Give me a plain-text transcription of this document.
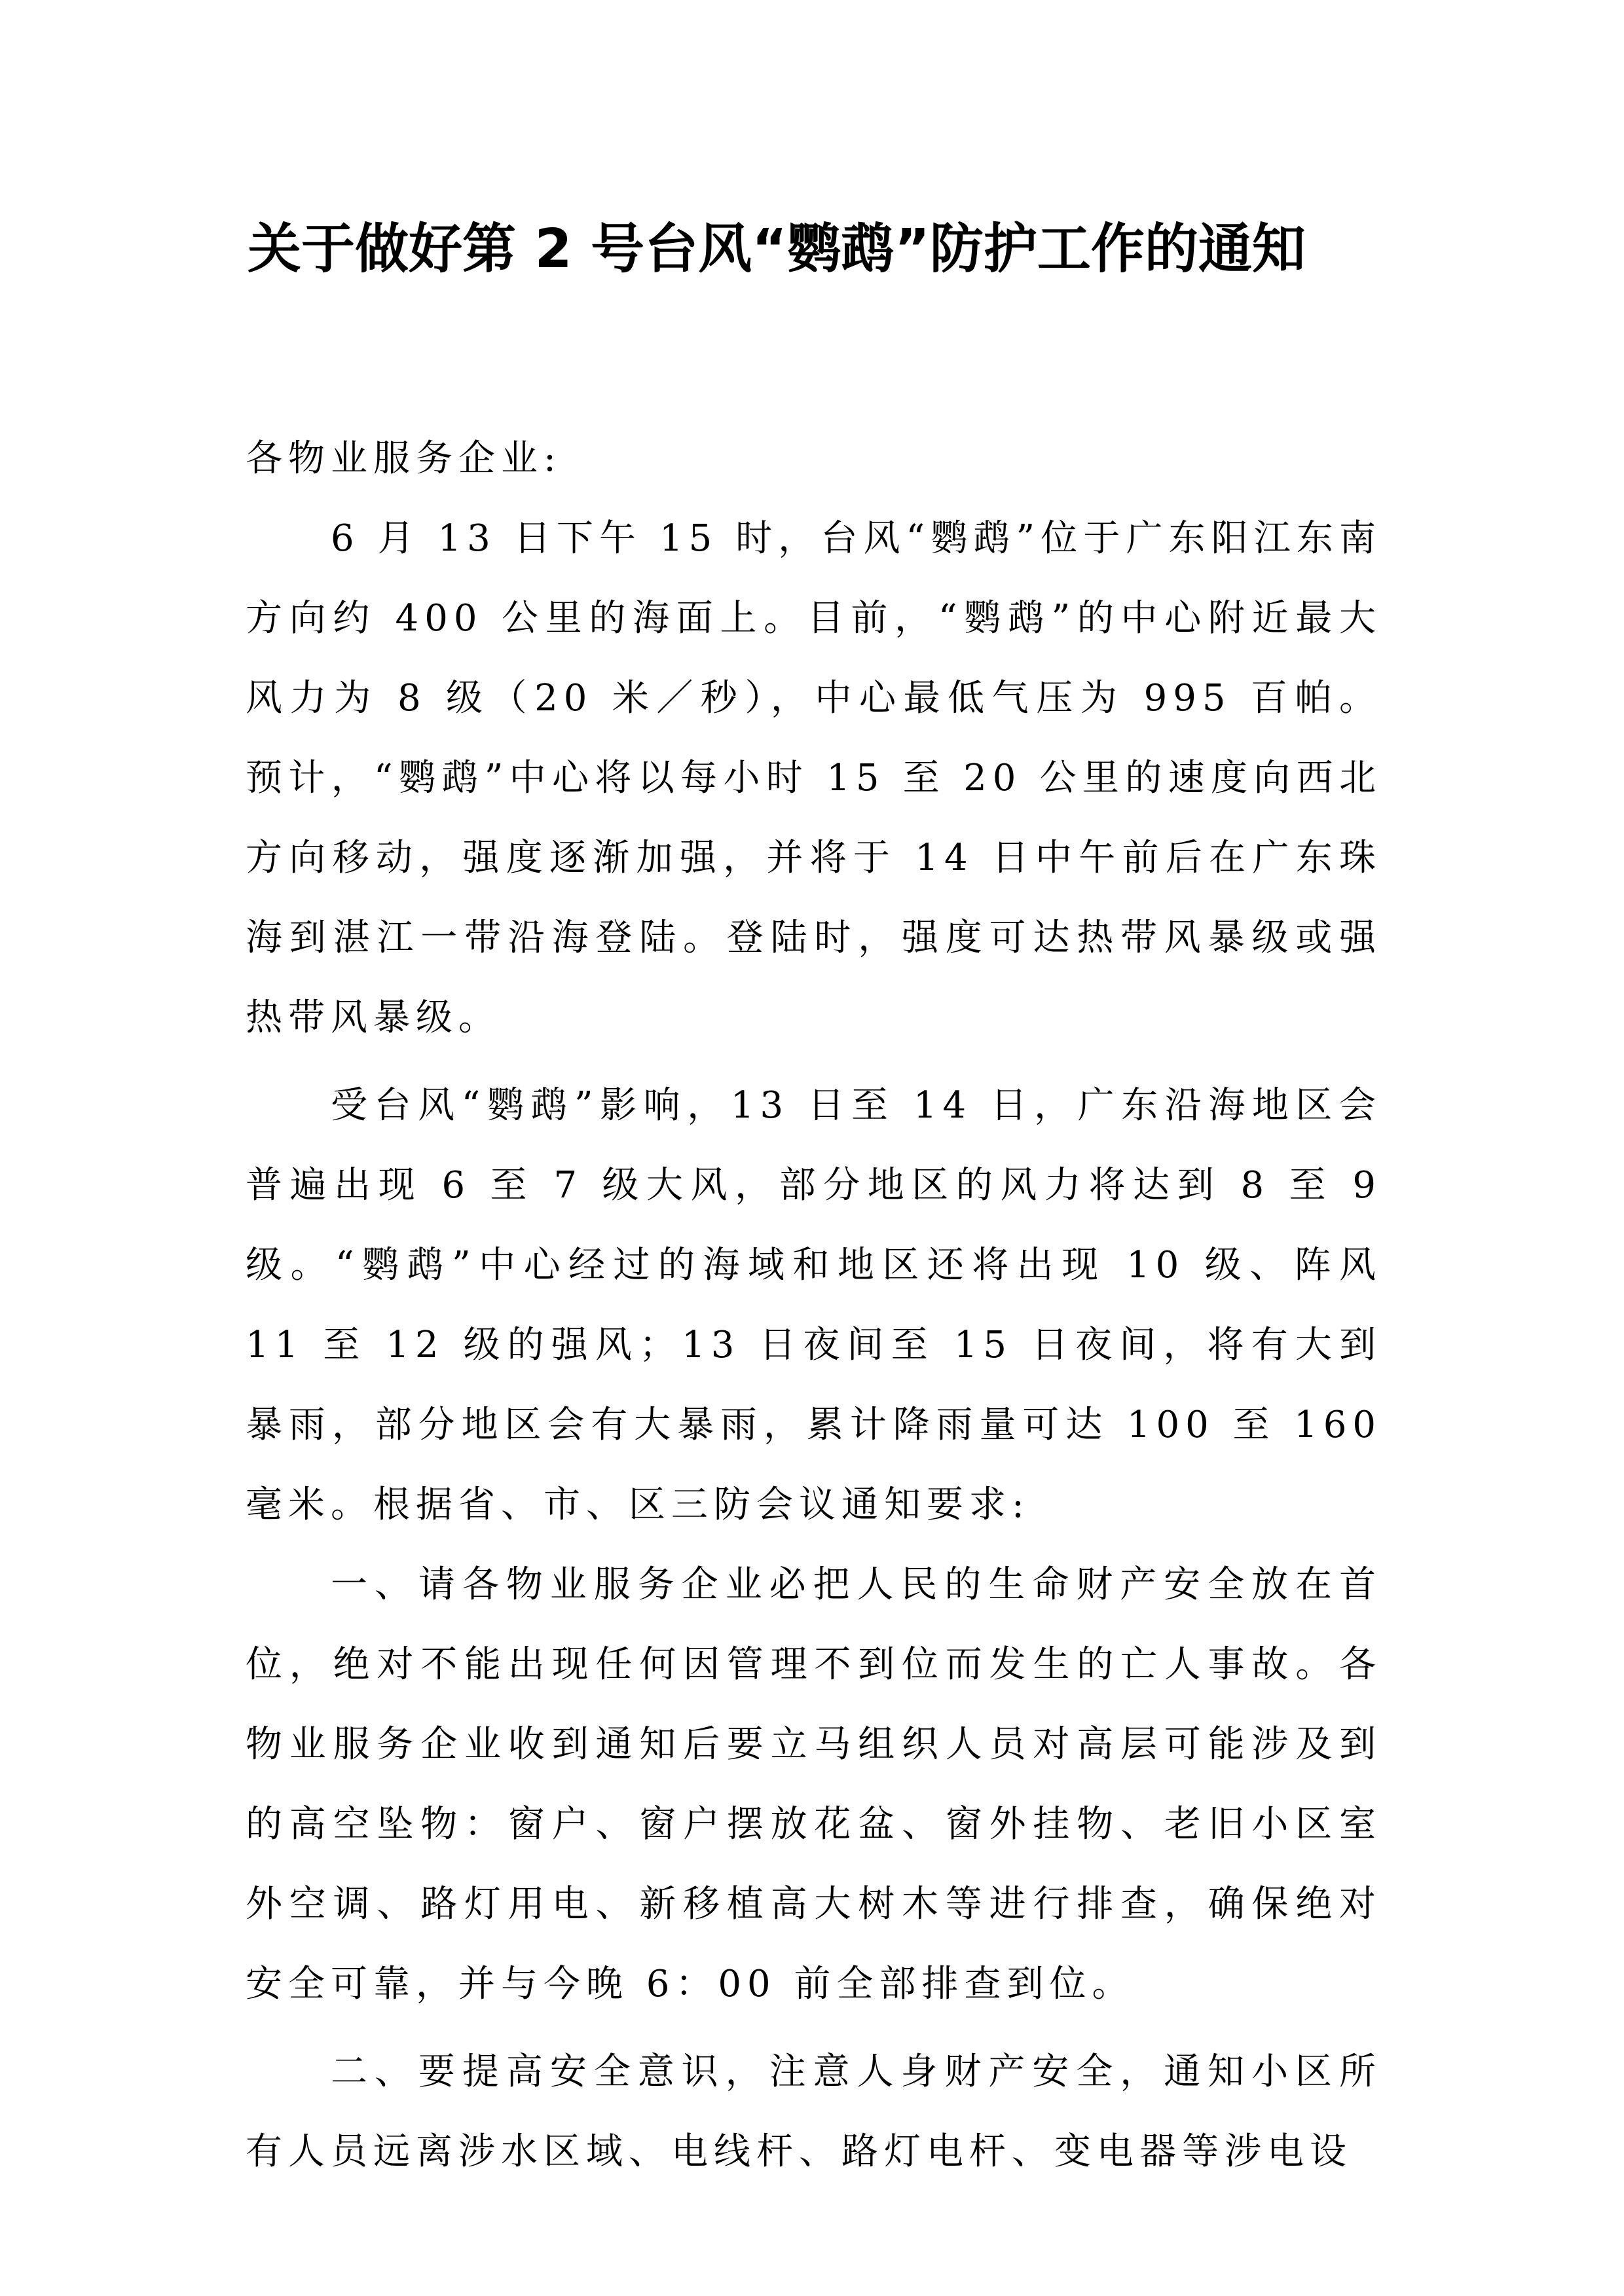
关于做好第 2 号台风“鹦鹉”防护工作的通知

各物业服务企业:

6 月 13 日下午 15 时，台风“鹦鹉”位于广东阳江东南方向约 400 公里的海面上。目前，“鹦鹉”的中心附近最大风力为 8 级（20 米／秒），中心最低气压为 995 百帕。预计，“鹦鹉”中心将以每小时 15 至 20 公里的速度向西北方向移动，强度逐渐加强，并将于 14 日中午前后在广东珠海到湛江一带沿海登陆。登陆时，强度可达热带风暴级或强热带风暴级。

受台风“鹦鹉”影响，13 日至 14 日，广东沿海地区会普遍出现 6 至 7 级大风，部分地区的风力将达到 8 至 9 级。“鹦鹉”中心经过的海域和地区还将出现 10 级、阵风 11 至 12 级的强风；13 日夜间至 15 日夜间，将有大到暴雨，部分地区会有大暴雨，累计降雨量可达 100 至 160 毫米。根据省、市、区三防会议通知要求:

一、请各物业服务企业必把人民的生命财产安全放在首位，绝对不能出现任何因管理不到位而发生的亡人事故。各物业服务企业收到通知后要立马组织人员对高层可能涉及到的高空坠物：窗户、窗户摆放花盆、窗外挂物、老旧小区室外空调、路灯用电、新移植高大树木等进行排查，确保绝对安全可靠，并与今晚 6：00 前全部排查到位。

二、要提高安全意识，注意人身财产安全，通知小区所有人员远离涉水区域、电线杆、路灯电杆、变电器等涉电设
